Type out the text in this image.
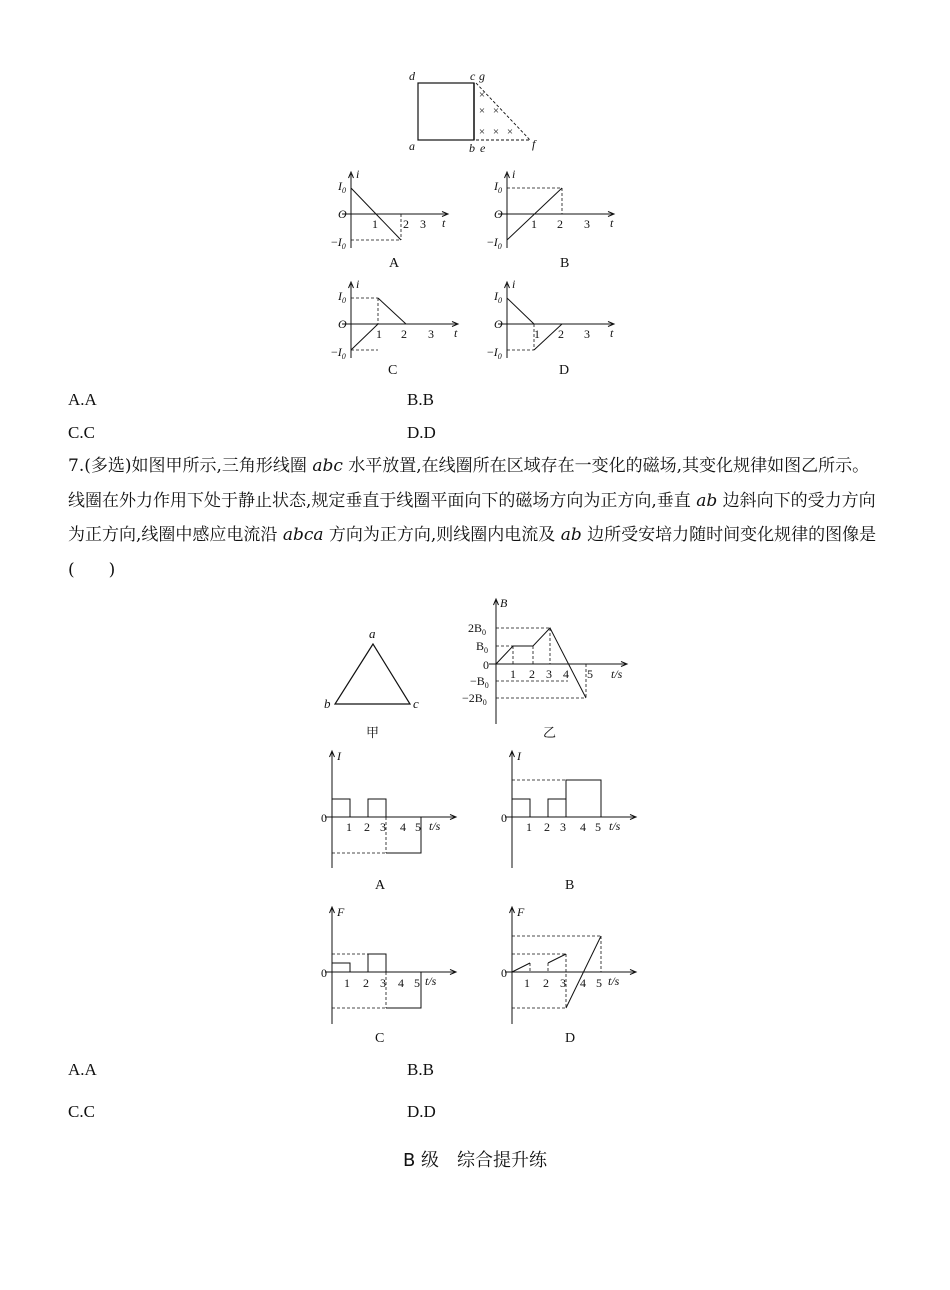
×
× ×
× × ×
d	c g
a	b e	f
i
t
$I_0$
O
$-I_0$
1 2 3
A
i
t
$I_0$
O
$-I_0$
1 2 3
B
i
t
$I_0$
O
$-I_0$
1 2 3
C
i
t
$I_0$
O
$-I_0$
1 2 3
D
A.A	B.B
C.C	D.D
7.(多选)如图甲所示,三角形线圈 abc 水平放置,在线圈所在区域存在一变化的磁场,其变化规律如图乙所示。线圈在外力作用下处于静止状态,规定垂直于线圈平面向下的磁场方向为正方向,垂直 ab 边斜向下的受力方向为正方向,线圈中感应电流沿 abca 方向为正方向,则线圈内电流及 ab 边所受安培力随时间变化规律的图像是(　　)
a
b	c
甲
B
$2B_0$
$B_0$
0
$-B_0$
$-2B_0$
1 2 3 4 5 t/s
乙
I
0
1 2 3 4 5 t/s
A
I
0
1 2 3 4 5 t/s
B
F
0
1 2 3 4 5 t/s
C
F
0
1 2 3 4 5 t/s
D
A.A	B.B
C.C	D.D
B 级　综合提升练
